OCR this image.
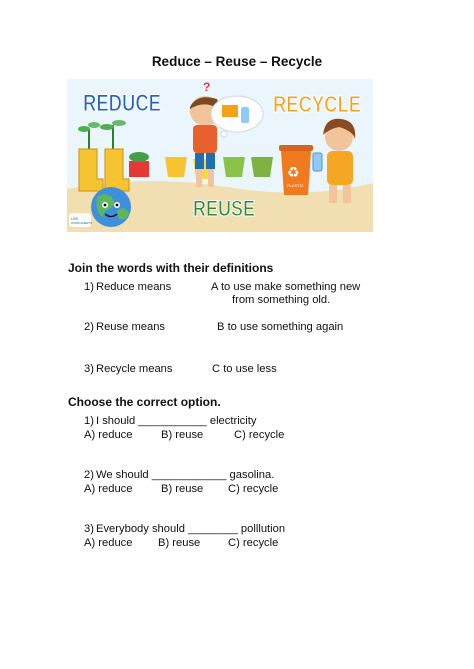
Reduce – Reuse – Recycle
REDUCE	RECYCLE
REUSE
?
♻
PLASTIC
LIVE
WORKSHEETS
Join the words with their definitions
1) Reduce means	A to use make something new
from something old.
2) Reuse means	B to use something again
3) Recycle means	C to use less
Choose the correct option.
1) I should ___________ electricity
A) reduce	B) reuse	C) recycle
2) We should ____________ gasolina.
A) reduce	B) reuse C) recycle
3) Everybody should ________ polllution
A) reduce B) reuse C) recycle
